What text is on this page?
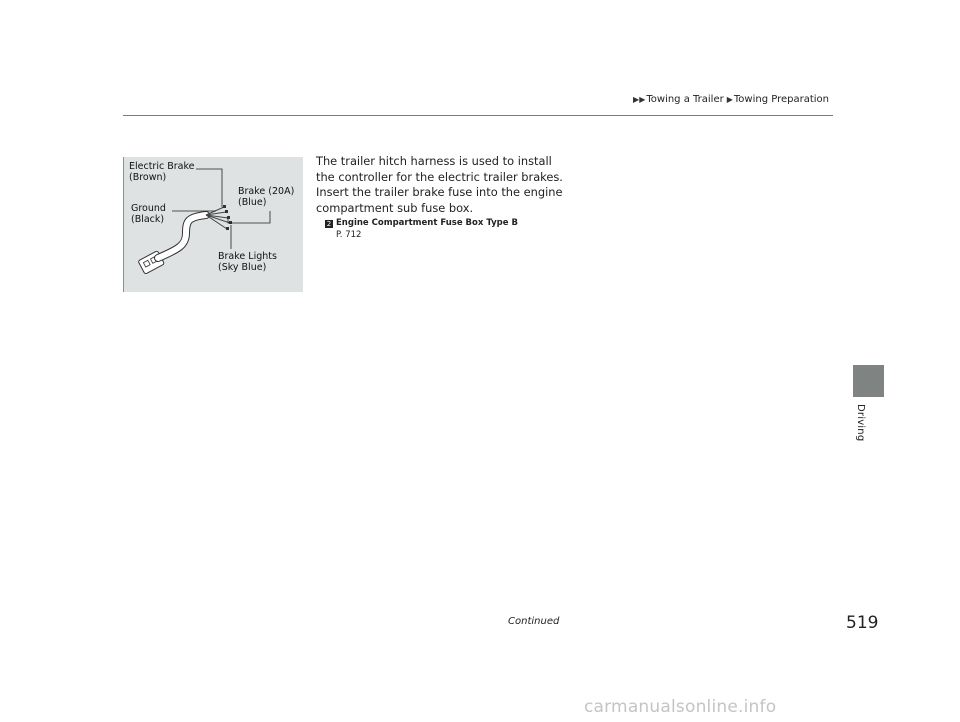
▶▶ Towing a Trailer ▶ Towing Preparation
Electric Brake
(Brown)
Brake (20A)
(Blue)
Ground
(Black)
Brake Lights
(Sky Blue)

The trailer hitch harness is used to install the controller for the electric trailer brakes.

Insert the trailer brake fuse into the engine compartment sub fuse box.

2 Engine Compartment Fuse Box Type B
P. 712
Driving
Continued	519
carmanualsonline.info
